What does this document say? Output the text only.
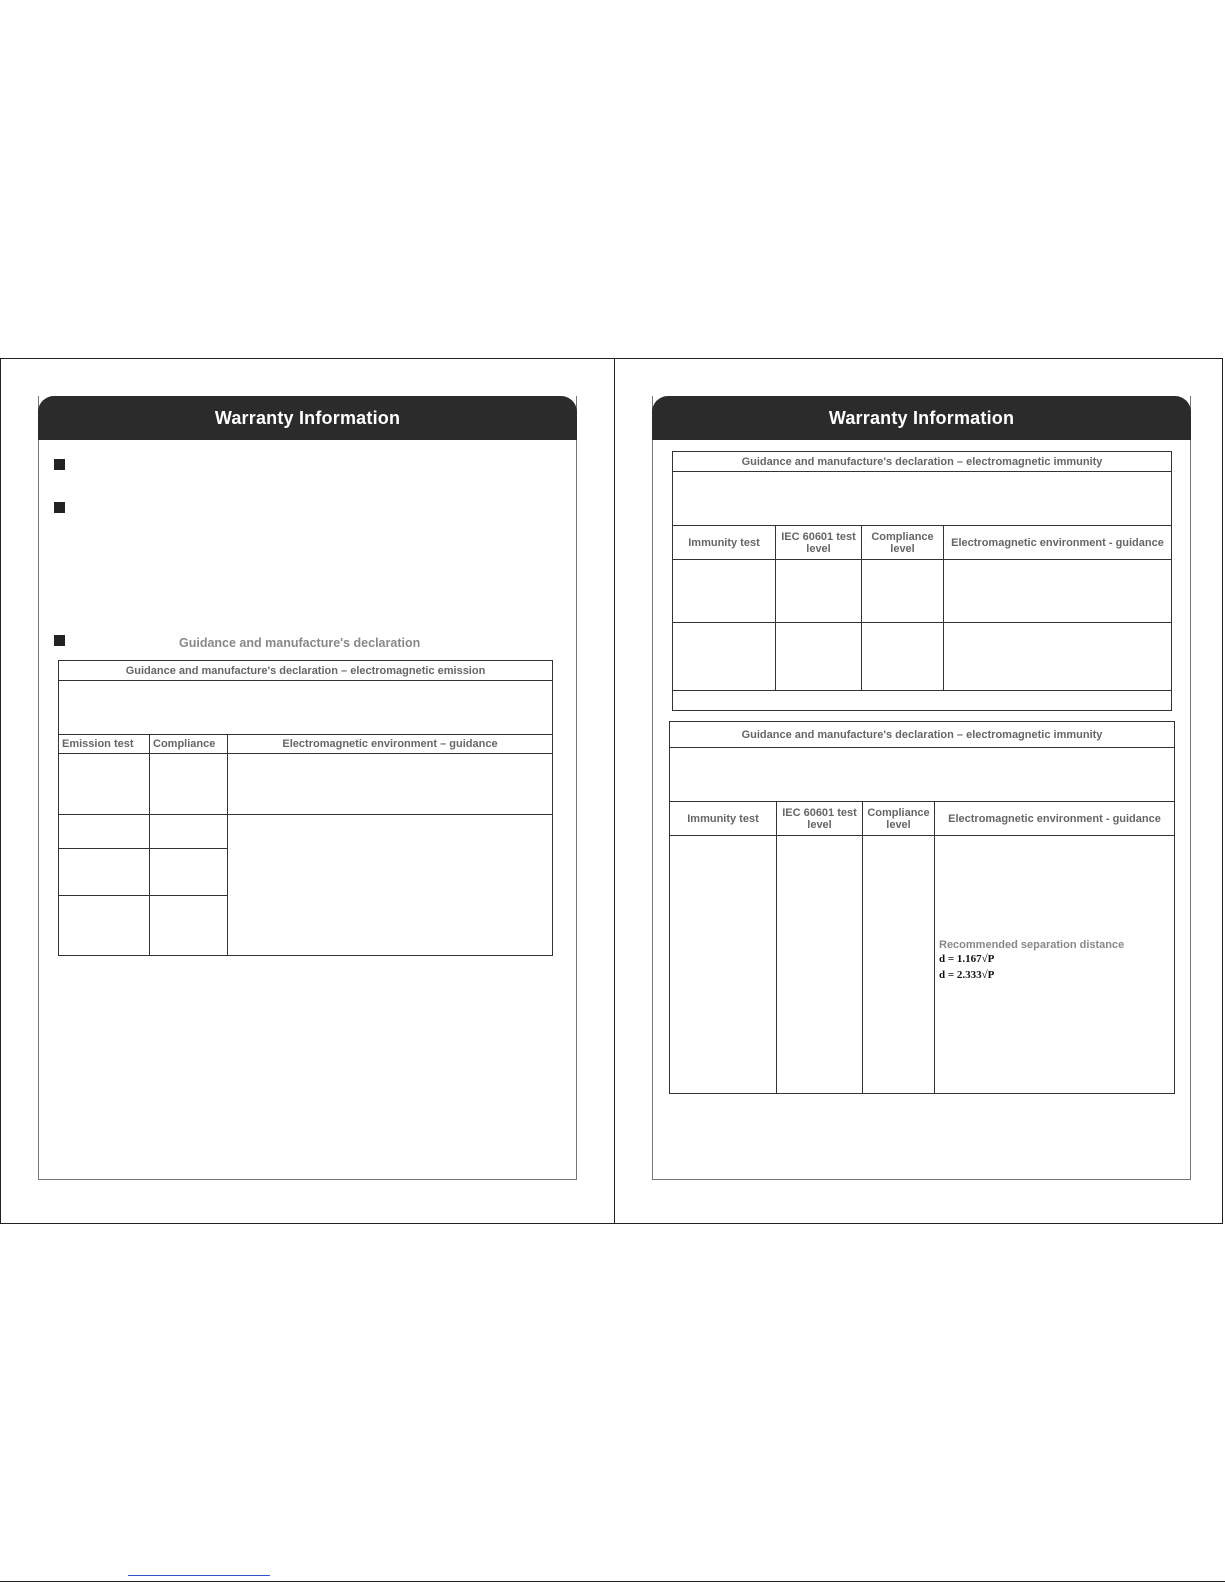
Warranty Information
Guidance and manufacture's declaration
Guidance and manufacture's declaration – electromagnetic emission		

Emission test	Compliance	Electromagnetic environment – guidance

Warranty Information
Guidance and manufacture's declaration – electromagnetic immunity			

Immunity test	IEC 60601 test level	Compliance level	Electromagnetic environment - guidance

Guidance and manufacture's declaration – electromagnetic immunity			

Immunity test	IEC 60601 test level	Compliance level	Electromagnetic environment - guidance

Recommended separation distance
d = 1.167√P
d = 2.333√P
